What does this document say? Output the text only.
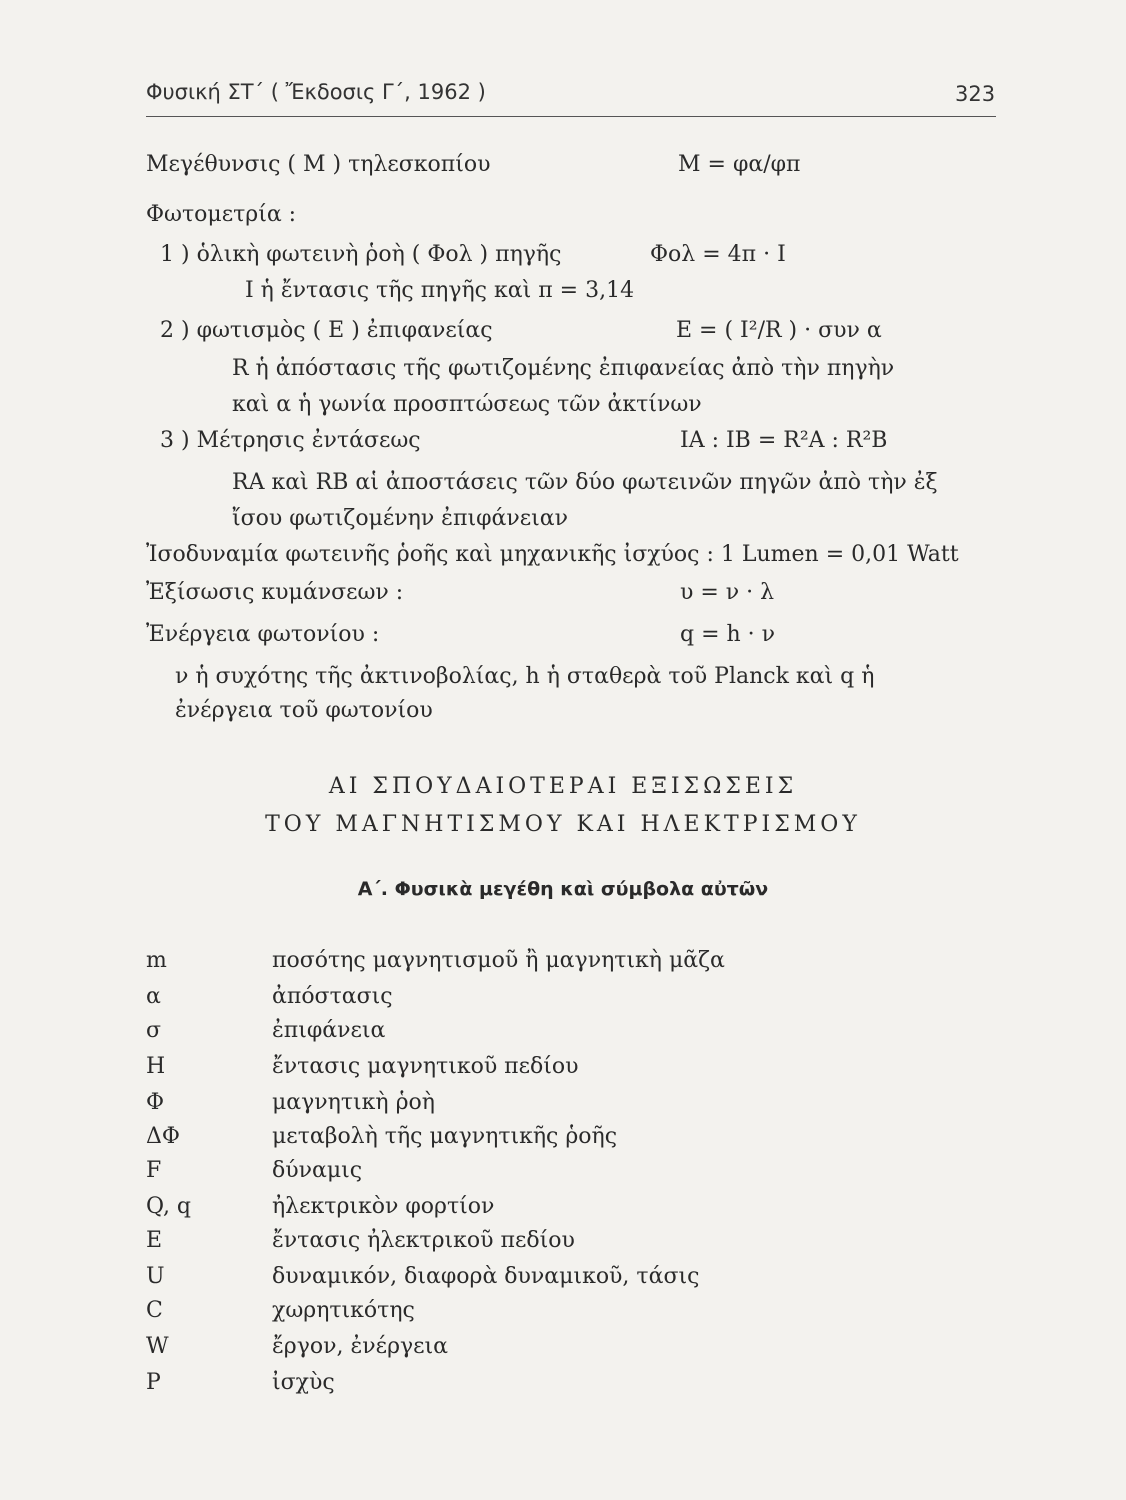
Φυσική ΣΤ΄ ( Ἔκδοσις Γ΄, 1962 )	323
Μεγέθυνσις ( Μ ) τηλεσκοπίου	M = φα/φπ
Φωτομετρία :
1 ) ὁλικὴ φωτεινὴ ῥοὴ ( Φολ ) πηγῆς	Φολ = 4π · I
I ἡ ἔντασις τῆς πηγῆς καὶ π = 3,14
2 ) φωτισμὸς ( E ) ἐπιφανείας	E = ( I²/R ) · συν α
R ἡ ἀπόστασις τῆς φωτιζομένης ἐπιφανείας ἀπὸ τὴν πηγὴν
καὶ α ἡ γωνία προσπτώσεως τῶν ἀκτίνων
3 ) Μέτρησις ἐντάσεως	IA : IB = R²A : R²B
RA καὶ RB αἱ ἀποστάσεις τῶν δύο φωτεινῶν πηγῶν ἀπὸ τὴν ἐξ
ἴσου φωτιζομένην ἐπιφάνειαν
Ἰσοδυναμία φωτεινῆς ῥοῆς καὶ μηχανικῆς ἰσχύος : 1 Lumen = 0,01 Watt
Ἐξίσωσις κυμάνσεων :	υ = ν · λ
Ἐνέργεια φωτονίου :	q = h · ν
ν ἡ συχότης τῆς ἀκτινοβολίας, h ἡ σταθερὰ τοῦ Planck καὶ q ἡ
ἐνέργεια τοῦ φωτονίου
ΑΙ ΣΠΟΥΔΑΙΟΤΕΡΑΙ ΕΞΙΣΩΣΕΙΣ
ΤΟΥ ΜΑΓΝΗΤΙΣΜΟΥ ΚΑΙ ΗΛΕΚΤΡΙΣΜΟΥ
Α΄. Φυσικὰ μεγέθη καὶ σύμβολα αὐτῶν
m	ποσότης μαγνητισμοῦ ἢ μαγνητικὴ μᾶζα
α	ἀπόστασις
σ	ἐπιφάνεια
H	ἔντασις μαγνητικοῦ πεδίου
Φ	μαγνητικὴ ῥοὴ
ΔΦ	μεταβολὴ τῆς μαγνητικῆς ῥοῆς
F	δύναμις
Q, q	ἠλεκτρικὸν φορτίον
E	ἔντασις ἠλεκτρικοῦ πεδίου
U	δυναμικόν, διαφορὰ δυναμικοῦ, τάσις
C	χωρητικότης
W	ἔργον, ἐνέργεια
P	ἰσχὺς
